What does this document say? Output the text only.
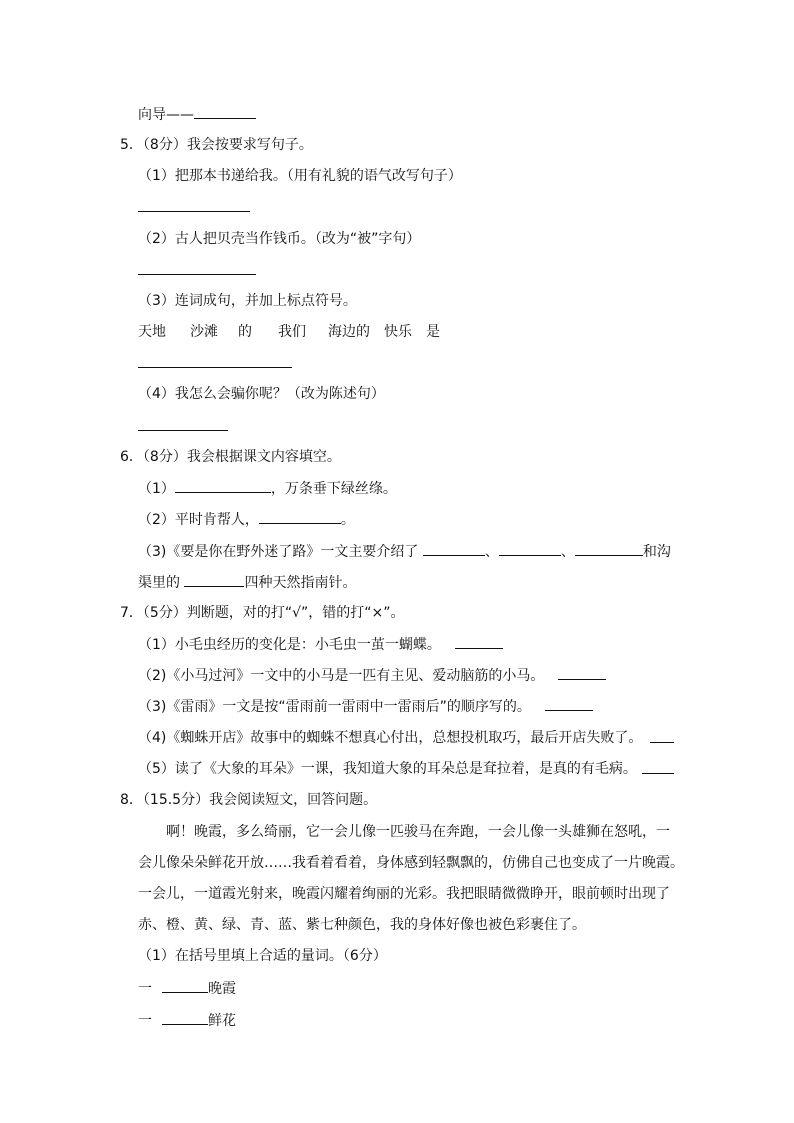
向导——
5．（8分）我会按要求写句子。
（1）把那本书递给我。（用有礼貌的语气改写句子）
（2）古人把贝壳当作钱币。（改为“被”字句）
（3）连词成句，并加上标点符号。
天地 沙滩 的 我们 海边的 快乐 是
（4）我怎么会骗你呢？（改为陈述句）
6．（8分）我会根据课文内容填空。
（1）	，万条垂下绿丝绦。
（2）平时肯帮人，	。
（3)《要是你在野外迷了路》一文主要介绍了	、	、	和沟
渠里的	四种天然指南针。
7．（5分）判断题，对的打“√”，错的打“×”。
（1）小毛虫经历的变化是：小毛虫一茧一蝴蝶。
（2)《小马过河》一文中的小马是一匹有主见、爱动脑筋的小马。
（3)《雷雨》一文是按“雷雨前一雷雨中一雷雨后”的顺序写的。
（4)《蜘蛛开店》故事中的蜘蛛不想真心付出，总想投机取巧，最后开店失败了。
（5）读了《大象的耳朵》一课，我知道大象的耳朵总是耷拉着，是真的有毛病。
8．（15.5分）我会阅读短文，回答问题。
啊！晚霞，多么绮丽，它一会儿像一匹骏马在奔跑，一会儿像一头雄狮在怒吼，一
会儿像朵朵鲜花开放……我看着看着，身体感到轻飘飘的，仿佛自己也变成了一片晚霞。
一会儿，一道霞光射来，晚霞闪耀着绚丽的光彩。我把眼睛微微睁开，眼前顿时出现了
赤、橙、黄、绿、青、蓝、紫七种颜色，我的身体好像也被色彩裹住了。
（1）在括号里填上合适的量词。（6分）
一	晚霞
一	鲜花
